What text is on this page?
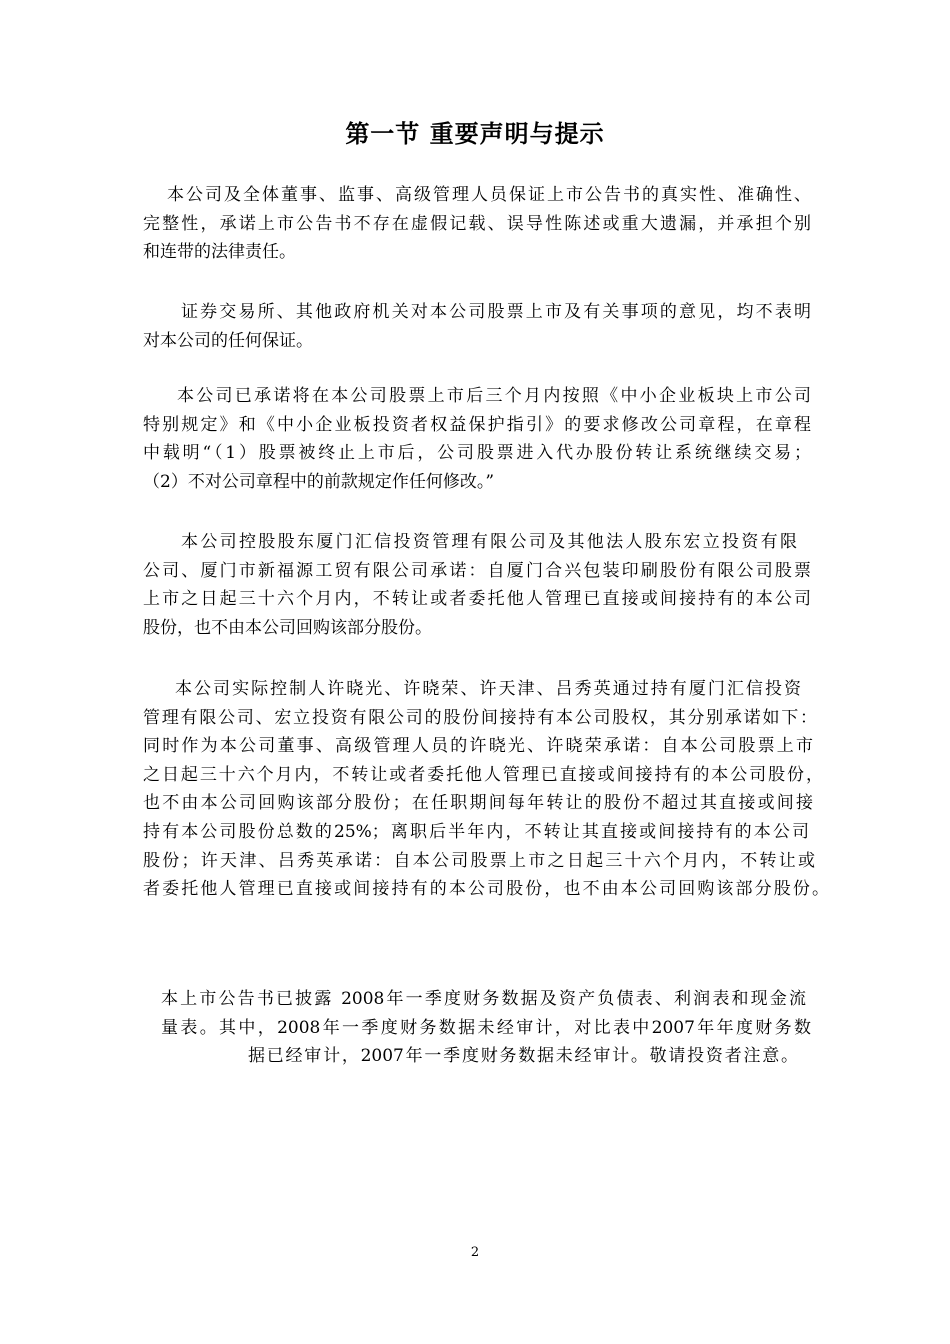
第一节 重要声明与提示
本公司及全体董事、监事、高级管理人员保证上市公告书的真实性、准确性、
完整性，承诺上市公告书不存在虚假记载、误导性陈述或重大遗漏，并承担个别
和连带的法律责任。
证券交易所、其他政府机关对本公司股票上市及有关事项的意见，均不表明
对本公司的任何保证。
本公司已承诺将在本公司股票上市后三个月内按照《中小企业板块上市公司
特别规定》和《中小企业板投资者权益保护指引》的要求修改公司章程，在章程
中载明“（1）股票被终止上市后，公司股票进入代办股份转让系统继续交易；
（2）不对公司章程中的前款规定作任何修改。”
本公司控股股东厦门汇信投资管理有限公司及其他法人股东宏立投资有限
公司、厦门市新福源工贸有限公司承诺：自厦门合兴包装印刷股份有限公司股票
上市之日起三十六个月内，不转让或者委托他人管理已直接或间接持有的本公司
股份，也不由本公司回购该部分股份。
本公司实际控制人许晓光、许晓荣、许天津、吕秀英通过持有厦门汇信投资
管理有限公司、宏立投资有限公司的股份间接持有本公司股权，其分别承诺如下：
同时作为本公司董事、高级管理人员的许晓光、许晓荣承诺：自本公司股票上市
之日起三十六个月内，不转让或者委托他人管理已直接或间接持有的本公司股份，
也不由本公司回购该部分股份；在任职期间每年转让的股份不超过其直接或间接
持有本公司股份总数的25%；离职后半年内，不转让其直接或间接持有的本公司
股份；许天津、吕秀英承诺：自本公司股票上市之日起三十六个月内，不转让或
者委托他人管理已直接或间接持有的本公司股份，也不由本公司回购该部分股份。
本上市公告书已披露 2008年一季度财务数据及资产负债表、利润表和现金流
量表。其中，2008年一季度财务数据未经审计，对比表中2007年年度财务数
据已经审计，2007年一季度财务数据未经审计。敬请投资者注意。
2
